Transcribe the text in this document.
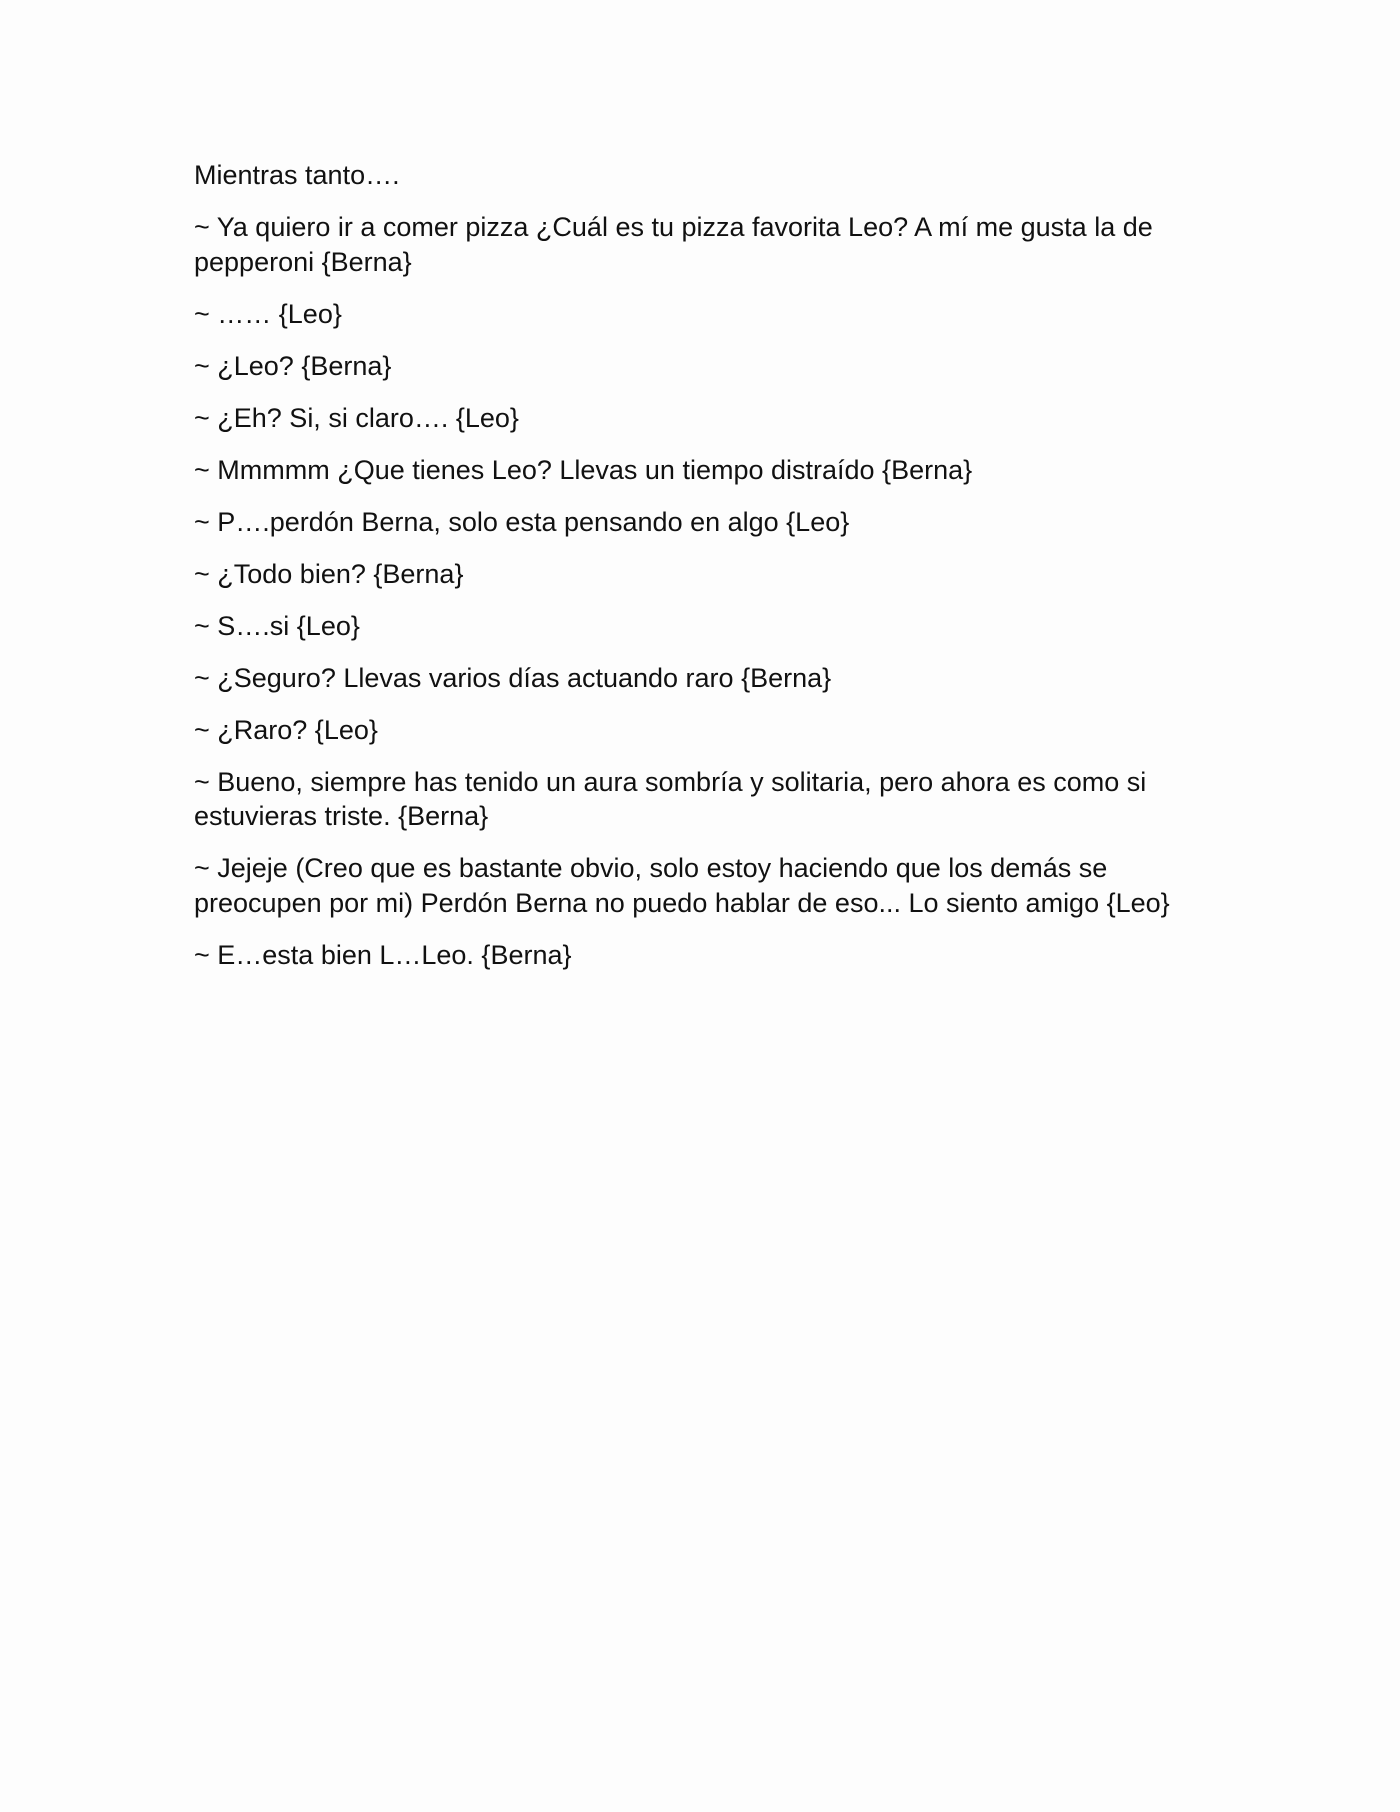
Mientras tanto….

~ Ya quiero ir a comer pizza ¿Cuál es tu pizza favorita Leo? A mí me gusta la de pepperoni {Berna}

~ …… {Leo}

~ ¿Leo? {Berna}

~ ¿Eh? Si, si claro…. {Leo}

~ Mmmmm ¿Que tienes Leo? Llevas un tiempo distraído {Berna}

~ P….perdón Berna, solo esta pensando en algo {Leo}

~ ¿Todo bien? {Berna}

~ S….si {Leo}

~ ¿Seguro? Llevas varios días actuando raro {Berna}

~ ¿Raro? {Leo}

~ Bueno, siempre has tenido un aura sombría y solitaria, pero ahora es como si estuvieras triste. {Berna}

~ Jejeje (Creo que es bastante obvio, solo estoy haciendo que los demás se preocupen por mi) Perdón Berna no puedo hablar de eso... Lo siento amigo {Leo}

~ E…esta bien L…Leo. {Berna}
